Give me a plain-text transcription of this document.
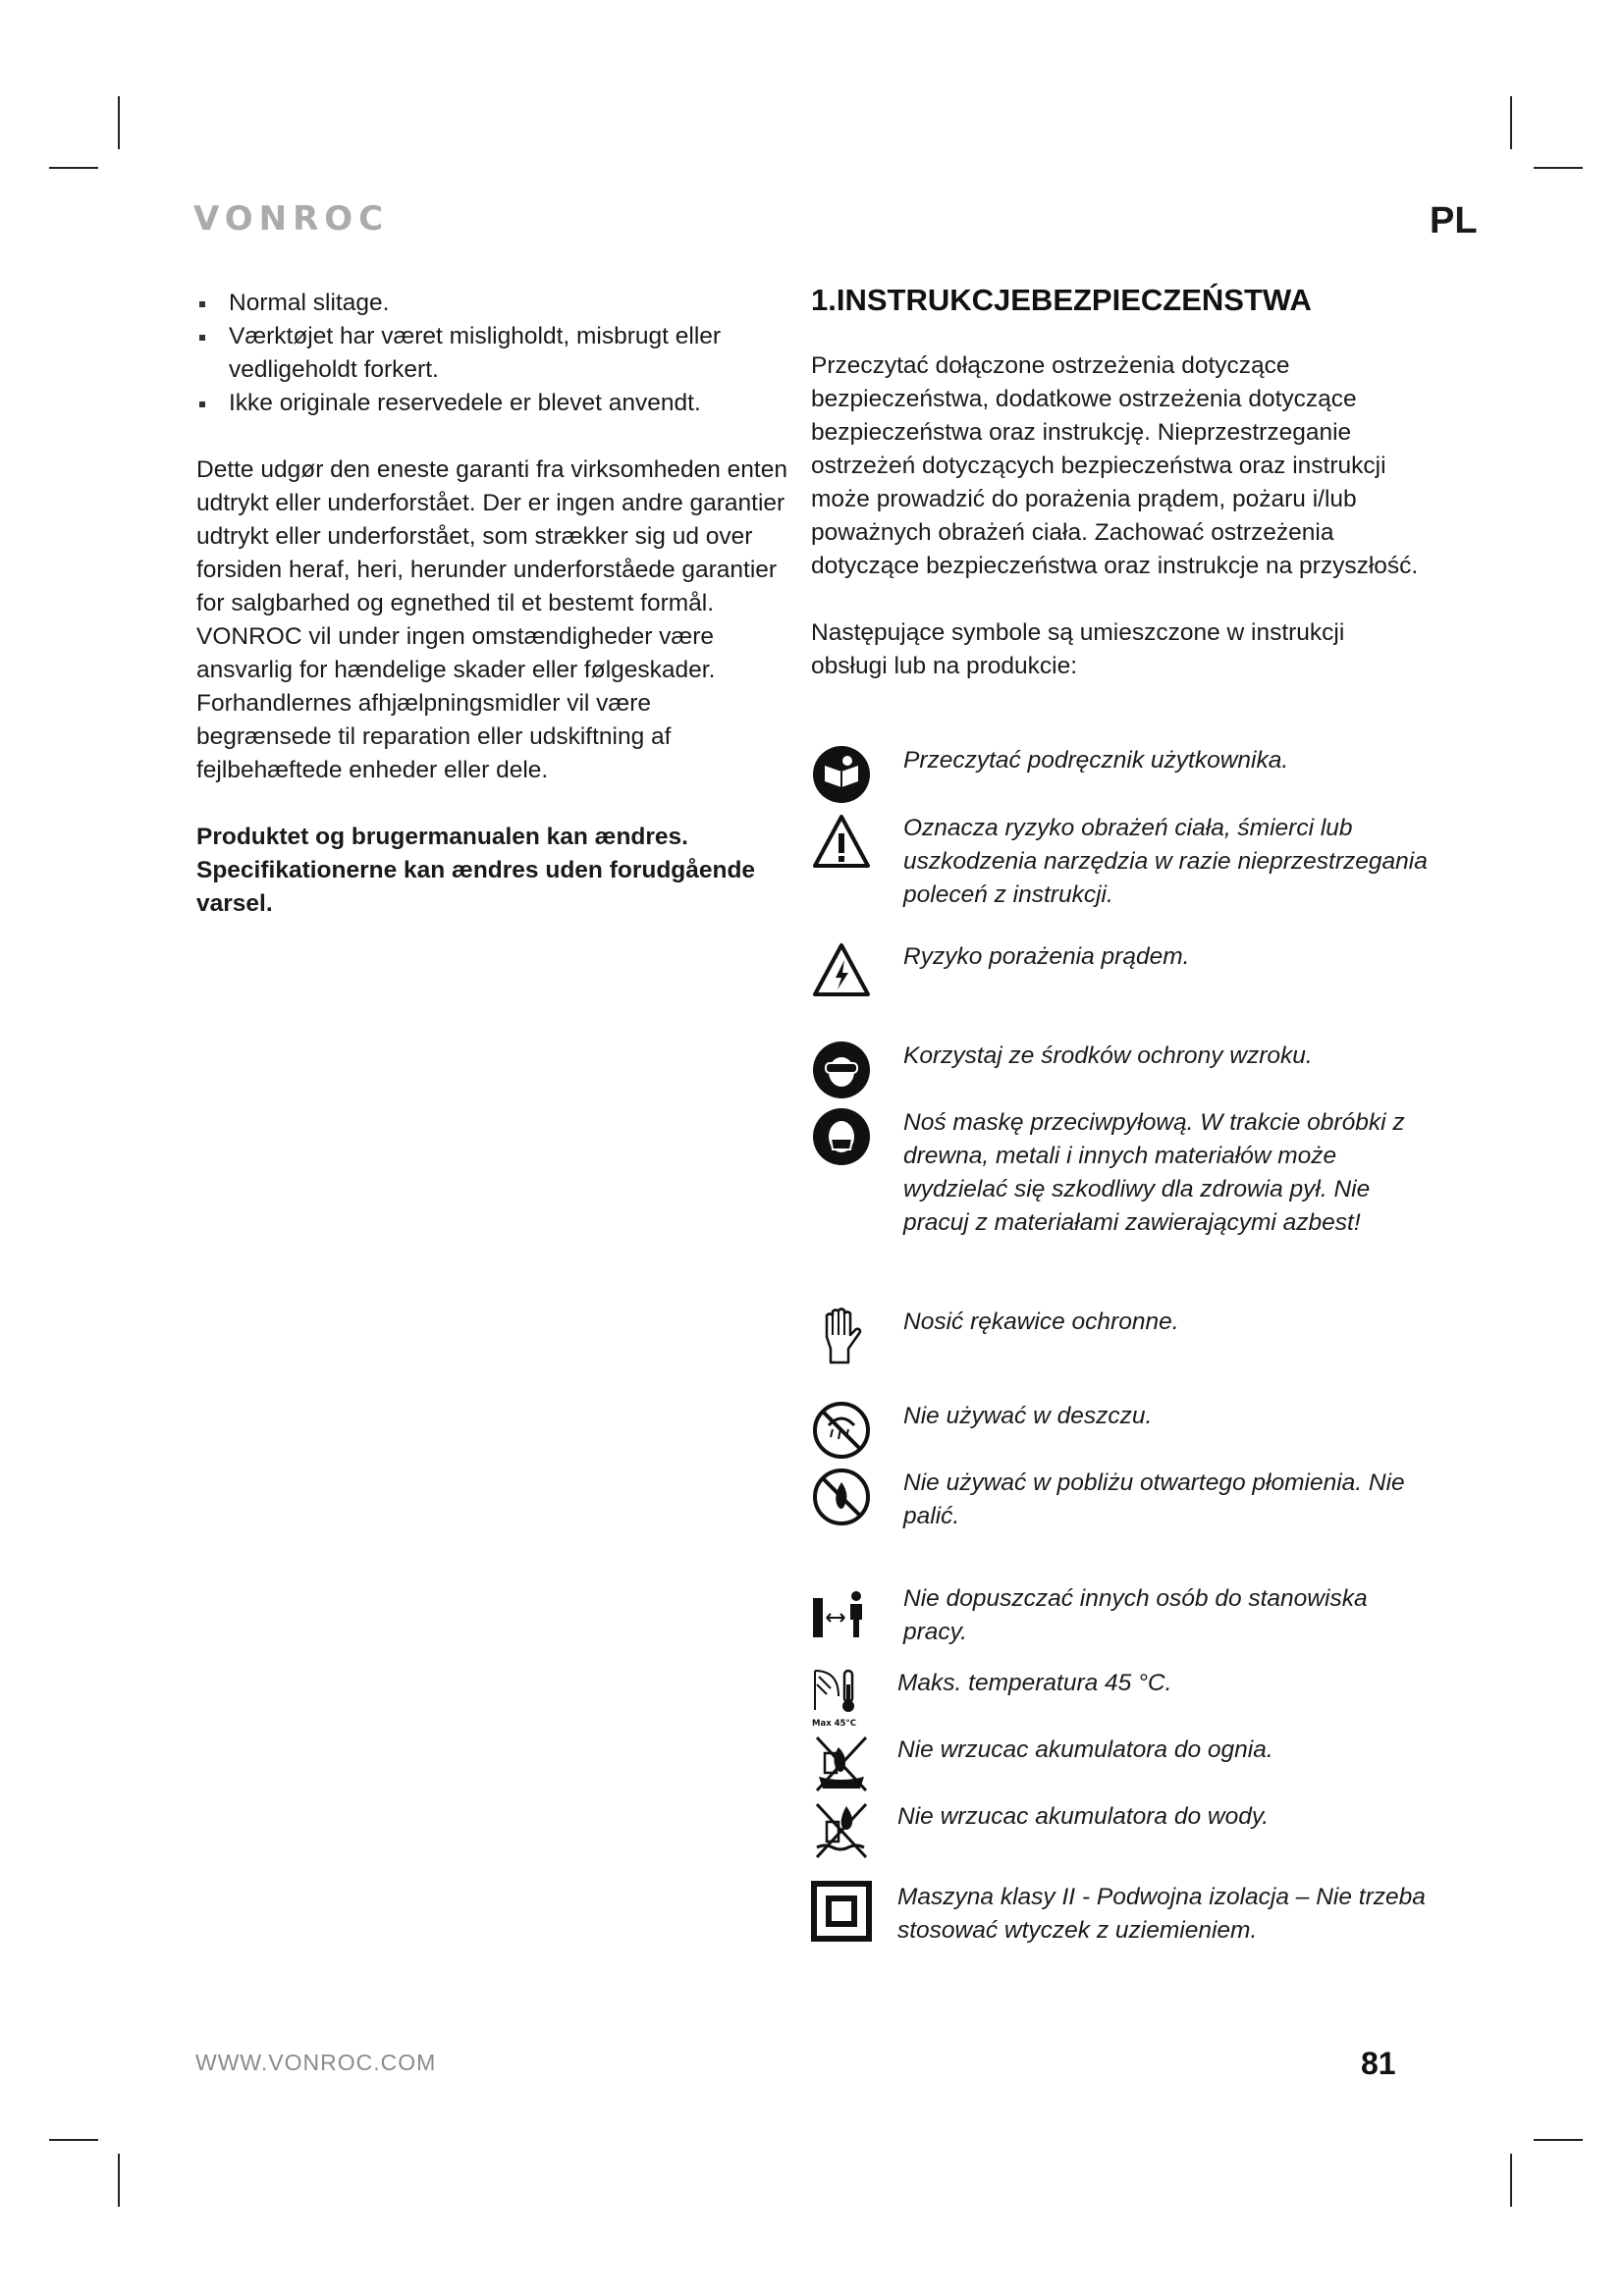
VONROC	PL
Normal slitage.
Værktøjet har været misligholdt, misbrugt eller vedligeholdt forkert.
Ikke originale reservedele er blevet anvendt.

Dette udgør den eneste garanti fra virksomheden enten udtrykt eller underforstået. Der er ingen andre garantier udtrykt eller underforstået, som strækker sig ud over forsiden heraf, heri, herunder underforståede garantier for salgbarhed og egnethed til et bestemt formål. VONROC vil under ingen omstændigheder være ansvarlig for hændelige skader eller følgeskader. Forhandlernes afhjælpningsmidler vil være begrænsede til reparation eller udskiftning af fejlbehæftede enheder eller dele.

Produktet og brugermanualen kan ændres. Specifikationerne kan ændres uden forudgående varsel.

1.INSTRUKCJEBEZPIECZEŃSTWA

Przeczytać dołączone ostrzeżenia dotyczące bezpieczeństwa, dodatkowe ostrzeżenia dotyczące bezpieczeństwa oraz instrukcję. Nieprzestrzeganie ostrzeżeń dotyczących bezpieczeństwa oraz instrukcji może prowadzić do porażenia prądem, pożaru i/lub poważnych obrażeń ciała. Zachować ostrzeżenia dotyczące bezpieczeństwa oraz instrukcje na przyszłość.

Następujące symbole są umieszczone w instrukcji obsługi lub na produkcie:

Przeczytać podręcznik użytkownika.
Oznacza ryzyko obrażeń ciała, śmierci lub uszkodzenia narzędzia w razie nieprzestrzegania poleceń z instrukcji.
Ryzyko porażenia prądem.
Korzystaj ze środków ochrony wzroku.
Noś maskę przeciwpyłową. W trakcie obróbki z drewna, metali i innych materiałów może wydzielać się szkodliwy dla zdrowia pył. Nie pracuj z materiałami zawierającymi azbest!
Nosić rękawice ochronne.
Nie używać w deszczu.
Nie używać w pobliżu otwartego płomienia. Nie palić.
Nie dopuszczać innych osób do stanowiska pracy.
Max 45°C
Maks. temperatura 45 °C.
Nie wrzucac akumulatora do ognia.
Nie wrzucac akumulatora do wody.
Maszyna klasy II - Podwojna izolacja – Nie trzeba stosować wtyczek z uziemieniem.
WWW.VONROC.COM	81
